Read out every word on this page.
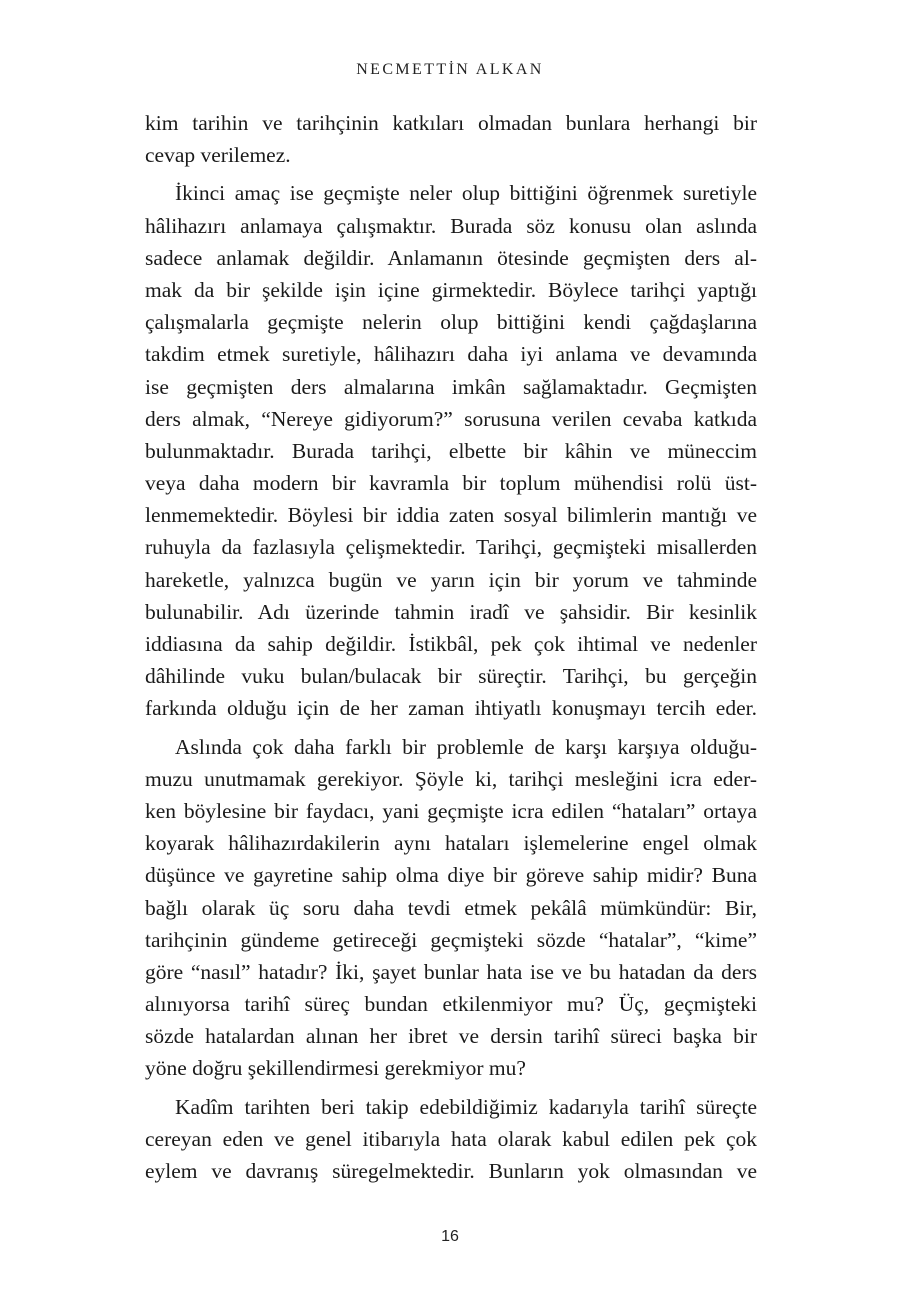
NECMETTİN ALKAN
kim tarihin ve tarihçinin katkıları olmadan bunlara herhangi bir
cevap verilemez.
İkinci amaç ise geçmişte neler olup bittiğini öğrenmek suretiyle
hâlihazırı anlamaya çalışmaktır. Burada söz konusu olan aslında
sadece anlamak değildir. Anlamanın ötesinde geçmişten ders al-
mak da bir şekilde işin içine girmektedir. Böylece tarihçi yaptığı
çalışmalarla geçmişte nelerin olup bittiğini kendi çağdaşlarına
takdim etmek suretiyle, hâlihazırı daha iyi anlama ve devamında
ise geçmişten ders almalarına imkân sağlamaktadır. Geçmişten
ders almak, “Nereye gidiyorum?” sorusuna verilen cevaba katkıda
bulunmaktadır. Burada tarihçi, elbette bir kâhin ve müneccim
veya daha modern bir kavramla bir toplum mühendisi rolü üst-
lenmemektedir. Böylesi bir iddia zaten sosyal bilimlerin mantığı ve
ruhuyla da fazlasıyla çelişmektedir. Tarihçi, geçmişteki misallerden
hareketle, yalnızca bugün ve yarın için bir yorum ve tahminde
bulunabilir. Adı üzerinde tahmin iradî ve şahsidir. Bir kesinlik
iddiasına da sahip değildir. İstikbâl, pek çok ihtimal ve nedenler
dâhilinde vuku bulan/bulacak bir süreçtir. Tarihçi, bu gerçeğin
farkında olduğu için de her zaman ihtiyatlı konuşmayı tercih eder.
Aslında çok daha farklı bir problemle de karşı karşıya olduğu-
muzu unutmamak gerekiyor. Şöyle ki, tarihçi mesleğini icra eder-
ken böylesine bir faydacı, yani geçmişte icra edilen “hataları” ortaya
koyarak hâlihazırdakilerin aynı hataları işlemelerine engel olmak
düşünce ve gayretine sahip olma diye bir göreve sahip midir? Buna
bağlı olarak üç soru daha tevdi etmek pekâlâ mümkündür: Bir,
tarihçinin gündeme getireceği geçmişteki sözde “hatalar”, “kime”
göre “nasıl” hatadır? İki, şayet bunlar hata ise ve bu hatadan da ders
alınıyorsa tarihî süreç bundan etkilenmiyor mu? Üç, geçmişteki
sözde hatalardan alınan her ibret ve dersin tarihî süreci başka bir
yöne doğru şekillendirmesi gerekmiyor mu?
Kadîm tarihten beri takip edebildiğimiz kadarıyla tarihî süreçte
cereyan eden ve genel itibarıyla hata olarak kabul edilen pek çok
eylem ve davranış süregelmektedir. Bunların yok olmasından ve
16
